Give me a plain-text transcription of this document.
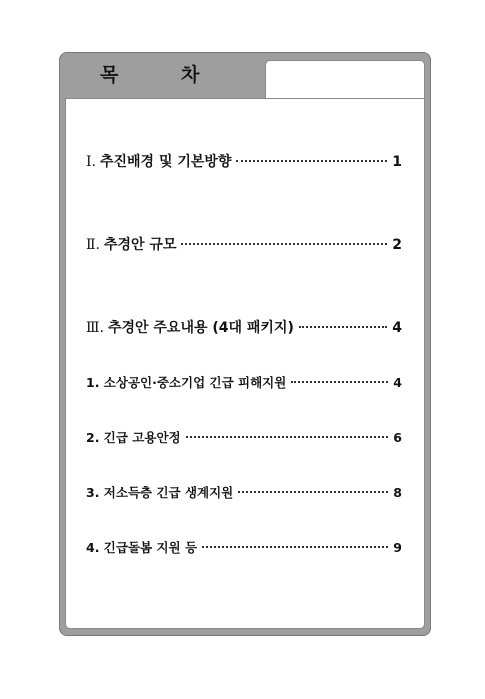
목 차
Ⅰ. 추진배경 및 기본방향	1
Ⅱ. 추경안 규모	2
Ⅲ. 추경안 주요내용 (4대 패키지)	4
1. 소상공인·중소기업 긴급 피해지원	4
2. 긴급 고용안정	6
3. 저소득층 긴급 생계지원	8
4. 긴급돌봄 지원 등	9
